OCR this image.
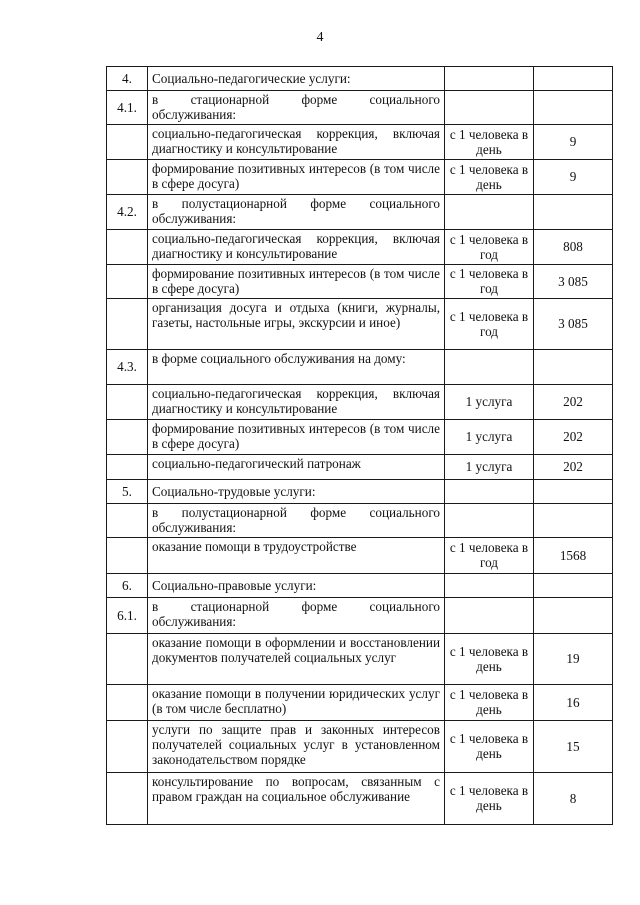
4
4.	Социально-педагогические услуги:		
4.1.	в стационарной форме социального обслуживания:		
	социально-педагогическая коррекция, включая диагностику и консультирование	с 1 человека в день	9
	формирование позитивных интересов (в том числе в сфере досуга)	с 1 человека в день	9
4.2.	в полустационарной форме социального обслуживания:		
	социально-педагогическая коррекция, включая диагностику и консультирование	с 1 человека в год	808
	формирование позитивных интересов (в том числе в сфере досуга)	с 1 человека в год	3 085
	организация досуга и отдыха (книги, журналы, газеты, настольные игры, экскурсии и иное)	с 1 человека в год	3 085
4.3.	в форме социального обслуживания на дому:		
	социально-педагогическая коррекция, включая диагностику и консультирование	1 услуга	202
	формирование позитивных интересов (в том числе в сфере досуга)	1 услуга	202
	социально-педагогический патронаж	1 услуга	202
5.	Социально-трудовые услуги:		
	в полустационарной форме социального обслуживания:		
	оказание помощи в трудоустройстве	с 1 человека в год	1568
6.	Социально-правовые услуги:		
6.1.	в стационарной форме социального обслуживания:		
	оказание помощи в оформлении и восстановлении документов получателей социальных услуг	с 1 человека в день	19
	оказание помощи в получении юридических услуг (в том числе бесплатно)	с 1 человека в день	16
	услуги по защите прав и законных интересов получателей социальных услуг в установленном законодательством порядке	с 1 человека в день	15
	консультирование по вопросам, связанным с правом граждан на социальное обслуживание	с 1 человека в день	8
